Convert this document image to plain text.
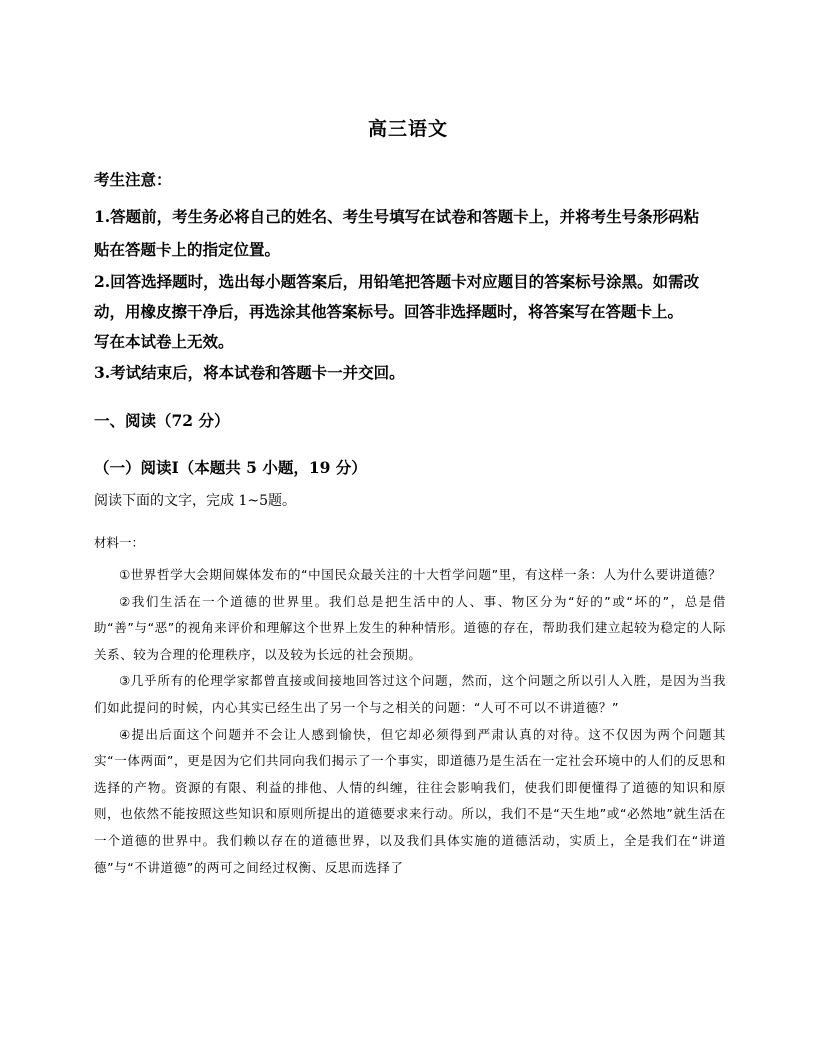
高三语文
考生注意：
1.答题前，考生务必将自己的姓名、考生号填写在试卷和答题卡上，并将考生号条形码粘
贴在答题卡上的指定位置。
2.回答选择题时，选出每小题答案后，用铅笔把答题卡对应题目的答案标号涂黑。如需改
动，用橡皮擦干净后，再选涂其他答案标号。回答非选择题时，将答案写在答题卡上。
写在本试卷上无效。
3.考试结束后，将本试卷和答题卡一并交回。
一、阅读（72 分）
（一）阅读Ⅰ（本题共 5 小题，19 分）
阅读下面的文字，完成 1~5题。
材料一：

①世界哲学大会期间媒体发布的“中国民众最关注的十大哲学问题”里，有这样一条：人为什么要讲道德？

②我们生活在一个道德的世界里。我们总是把生活中的人、事、物区分为“好的”或“坏的”，总是借助“善”与“恶”的视角来评价和理解这个世界上发生的种种情形。道德的存在，帮助我们建立起较为稳定的人际关系、较为合理的伦理秩序，以及较为长远的社会预期。

③几乎所有的伦理学家都曾直接或间接地回答过这个问题，然而，这个问题之所以引人入胜，是因为当我们如此提问的时候，内心其实已经生出了另一个与之相关的问题：“人可不可以不讲道德？”

④提出后面这个问题并不会让人感到愉快，但它却必须得到严肃认真的对待。这不仅因为两个问题其实“一体两面”，更是因为它们共同向我们揭示了一个事实，即道德乃是生活在一定社会环境中的人们的反思和选择的产物。资源的有限、利益的排他、人情的纠缠，往往会影响我们，使我们即便懂得了道德的知识和原则，也依然不能按照这些知识和原则所提出的道德要求来行动。所以，我们不是“天生地”或“必然地”就生活在一个道德的世界中。我们赖以存在的道德世界，以及我们具体实施的道德活动，实质上，全是我们在“讲道德”与“不讲道德”的两可之间经过权衡、反思而选择了
